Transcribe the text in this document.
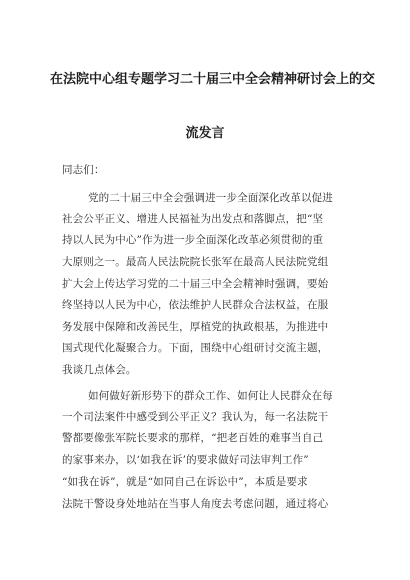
在法院中心组专题学习二十届三中全会精神研讨会上的交
流发言
同志们：
党的二十届三中全会强调进一步全面深化改革以促进
社会公平正义、增进人民福祉为出发点和落脚点，把“坚
持以人民为中心”作为进一步全面深化改革必须贯彻的重
大原则之一。最高人民法院院长张军在最高人民法院党组
扩大会上传达学习党的二十届三中全会精神时强调，要始
终坚持以人民为中心，依法维护人民群众合法权益，在服
务发展中保障和改善民生，厚植党的执政根基，为推进中
国式现代化凝聚合力。下面，围绕中心组研讨交流主题，
我谈几点体会。
如何做好新形势下的群众工作、如何让人民群众在每
一个司法案件中感受到公平正义？我认为，每一名法院干
警都要像张军院长要求的那样，“把老百姓的难事当自己
的家事来办，以‘如我在诉’的要求做好司法审判工作”
“如我在诉”，就是“如同自己在诉讼中”，本质是要求
法院干警设身处地站在当事人角度去考虑问题，通过将心
